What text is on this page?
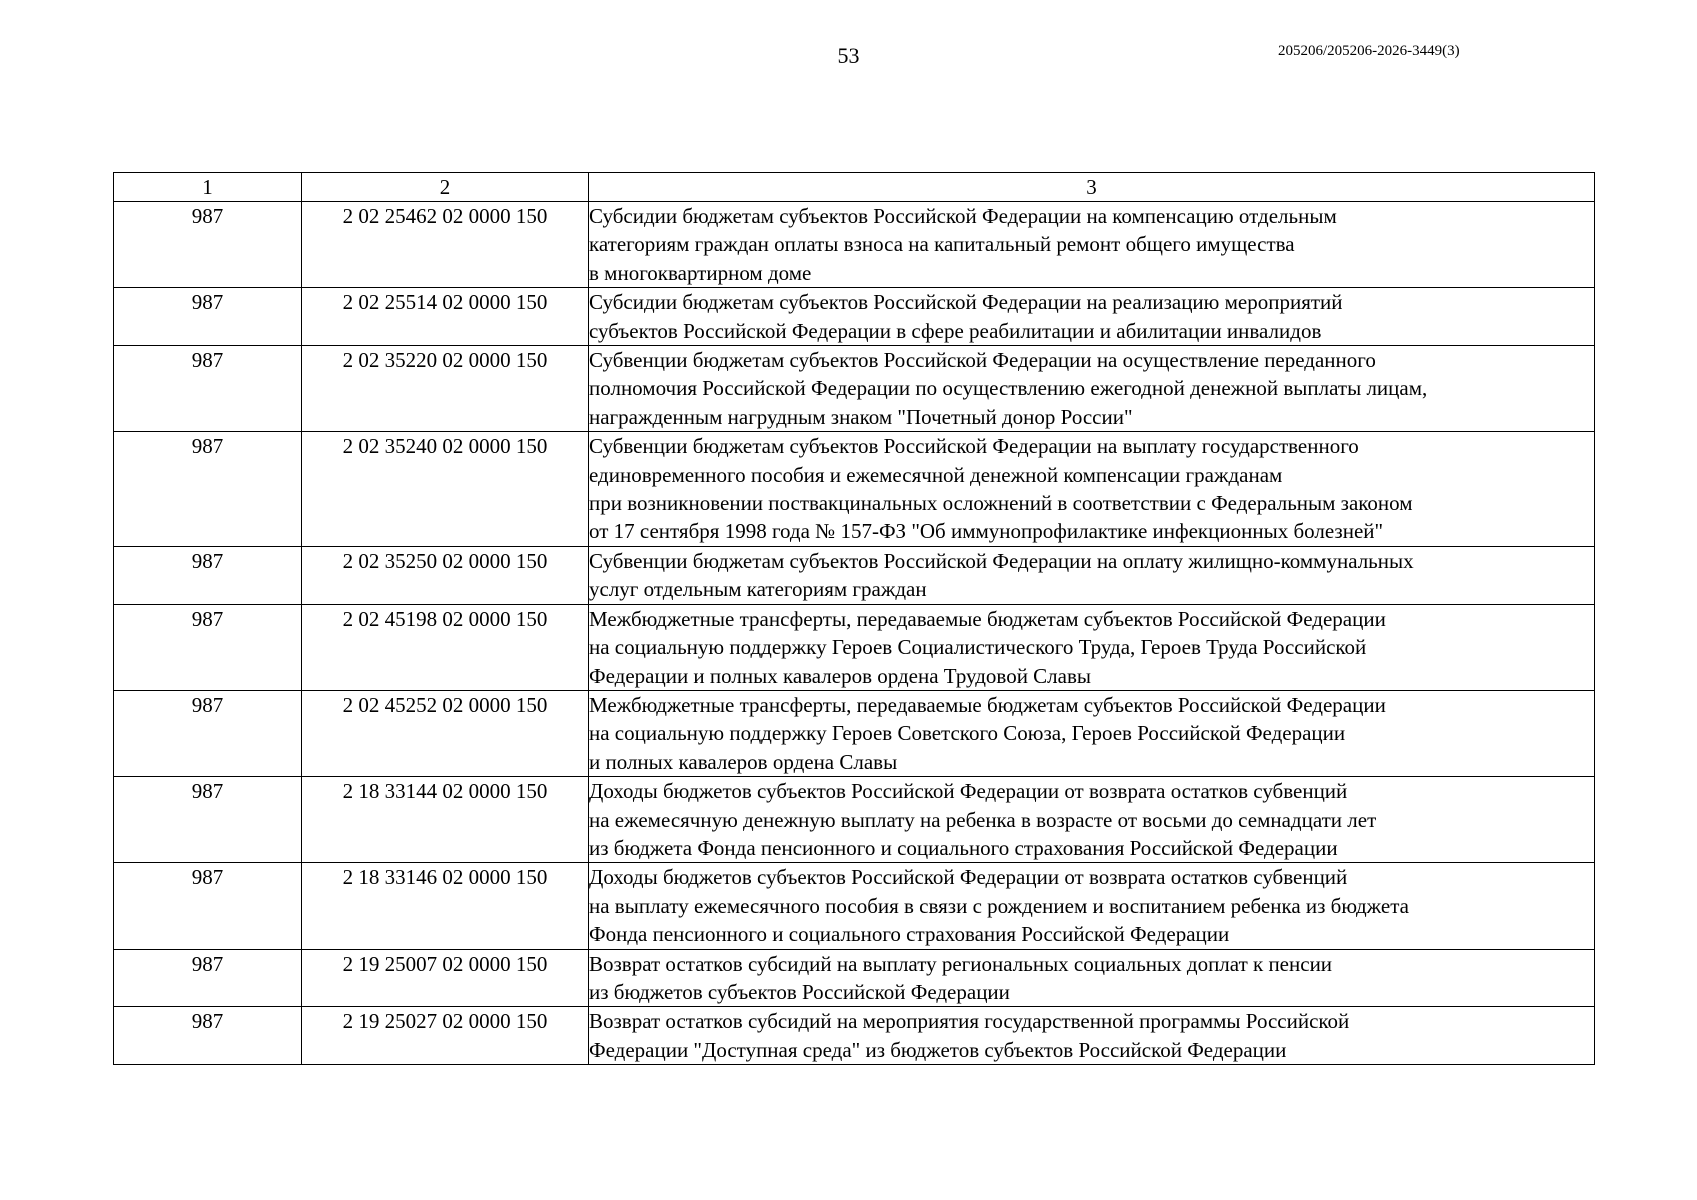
53	205206/205206-2026-3449(3)
1	2	3
987	2 02 25462 02 0000 150	Субсидии бюджетам субъектов Российской Федерации на компенсацию отдельным
категориям граждан оплаты взноса на капитальный ремонт общего имущества
в многоквартирном доме

987	2 02 25514 02 0000 150	Субсидии бюджетам субъектов Российской Федерации на реализацию мероприятий
субъектов Российской Федерации в сфере реабилитации и абилитации инвалидов

987	2 02 35220 02 0000 150	Субвенции бюджетам субъектов Российской Федерации на осуществление переданного
полномочия Российской Федерации по осуществлению ежегодной денежной выплаты лицам,
награжденным нагрудным знаком "Почетный донор России"

987	2 02 35240 02 0000 150	Субвенции бюджетам субъектов Российской Федерации на выплату государственного
единовременного пособия и ежемесячной денежной компенсации гражданам
при возникновении поствакцинальных осложнений в соответствии с Федеральным законом
от 17 сентября 1998 года № 157-ФЗ "Об иммунопрофилактике инфекционных болезней"

987	2 02 35250 02 0000 150	Субвенции бюджетам субъектов Российской Федерации на оплату жилищно-коммунальных
услуг отдельным категориям граждан

987	2 02 45198 02 0000 150	Межбюджетные трансферты, передаваемые бюджетам субъектов Российской Федерации
на социальную поддержку Героев Социалистического Труда, Героев Труда Российской
Федерации и полных кавалеров ордена Трудовой Славы

987	2 02 45252 02 0000 150	Межбюджетные трансферты, передаваемые бюджетам субъектов Российской Федерации
на социальную поддержку Героев Советского Союза, Героев Российской Федерации
и полных кавалеров ордена Славы

987	2 18 33144 02 0000 150	Доходы бюджетов субъектов Российской Федерации от возврата остатков субвенций
на ежемесячную денежную выплату на ребенка в возрасте от восьми до семнадцати лет
из бюджета Фонда пенсионного и социального страхования Российской Федерации

987	2 18 33146 02 0000 150	Доходы бюджетов субъектов Российской Федерации от возврата остатков субвенций
на выплату ежемесячного пособия в связи с рождением и воспитанием ребенка из бюджета
Фонда пенсионного и социального страхования Российской Федерации

987	2 19 25007 02 0000 150	Возврат остатков субсидий на выплату региональных социальных доплат к пенсии
из бюджетов субъектов Российской Федерации

987	2 19 25027 02 0000 150	Возврат остатков субсидий на мероприятия государственной программы Российской
Федерации "Доступная среда" из бюджетов субъектов Российской Федерации
